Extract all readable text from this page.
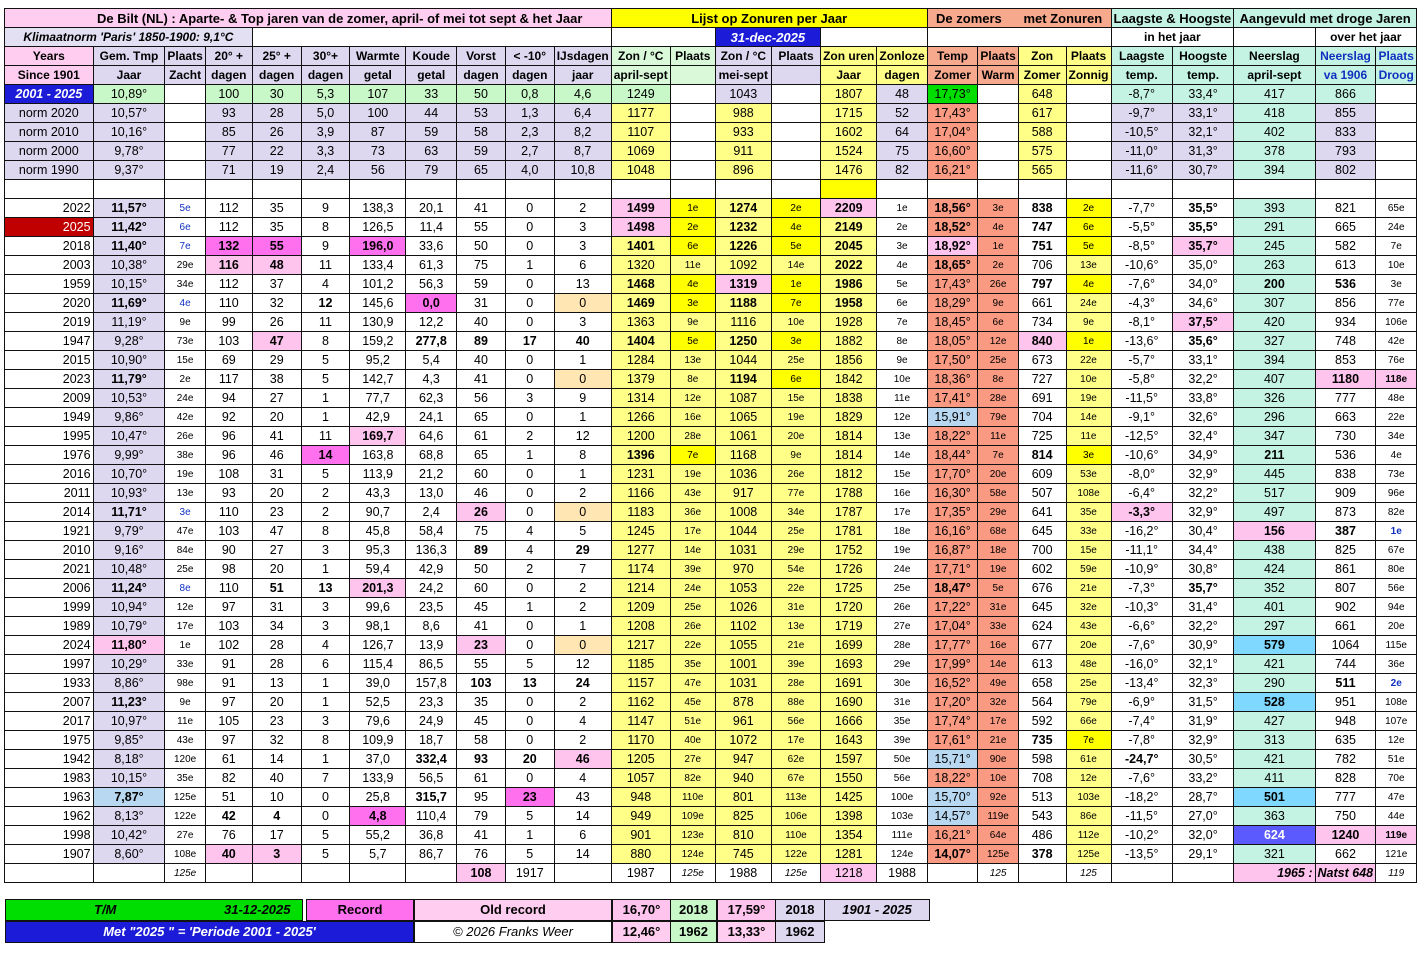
De Bilt (NL) : Aparte- & Top jaren van de zomer, april- of mei tot sept & het Jaar											Lijst op Zonuren per Jaar						De zomers met Zonuren				Laagste & Hoogste		Aangevuld met droge Jaren		
Klimaatnorm 'Paris' 1850-1900: 9,1°C													31-dec-2025								in het jaar			over het jaar	
Years	Gem. Tmp	Plaats	20° +	25° +	30°+	Warmte	Koude	Vorst	< -10°	IJsdagen	Zon / °C	Plaats	Zon / °C	Plaats	Zon uren	Zonloze	Temp	Plaats	Zon	Plaats	Laagste	Hoogste	Neerslag	Neerslag	Plaats
Since 1901	Jaar	Zacht	dagen	dagen	dagen	getal	getal	dagen	dagen	jaar	april-sept		mei-sept		Jaar	dagen	Zomer	Warm	Zomer	Zonnig	temp.	temp.	april-sept	va 1906	Droog
2001 - 2025	10,89°		100	30	5,3	107	33	50	0,8	4,6	1249		1043		1807	48	17,73°		648		-8,7°	33,4°	417	866	
norm 2020	10,57°		93	28	5,0	100	44	53	1,3	6,4	1177		988		1715	52	17,43°		617		-9,7°	33,1°	418	855	
norm 2010	10,16°		85	26	3,9	87	59	58	2,3	8,2	1107		933		1602	64	17,04°		588		-10,5°	32,1°	402	833	
norm 2000	9,78°		77	22	3,3	73	63	59	2,7	8,7	1069		911		1524	75	16,60°		575		-11,0°	31,3°	378	793	
norm 1990	9,37°		71	19	2,4	56	79	65	4,0	10,8	1048		896		1476	82	16,21°		565		-11,6°	30,7°	394	802	

2022	11,57°	5e	112	35	9	138,3	20,1	41	0	2	1499	1e	1274	2e	2209	1e	18,56°	3e	838	2e	-7,7°	35,5°	393	821	65e
2025	11,42°	6e	112	35	8	126,5	11,4	55	0	3	1498	2e	1232	4e	2149	2e	18,52°	4e	747	6e	-5,5°	35,5°	291	665	24e
2018	11,40°	7e	132	55	9	196,0	33,6	50	0	3	1401	6e	1226	5e	2045	3e	18,92°	1e	751	5e	-8,5°	35,7°	245	582	7e
2003	10,38°	29e	116	48	11	133,4	61,3	75	1	6	1320	11e	1092	14e	2022	4e	18,65°	2e	706	13e	-10,6°	35,0°	263	613	10e
1959	10,15°	34e	112	37	4	101,2	56,3	59	0	13	1468	4e	1319	1e	1986	5e	17,43°	26e	797	4e	-7,6°	34,0°	200	536	3e
2020	11,69°	4e	110	32	12	145,6	0,0	31	0	0	1469	3e	1188	7e	1958	6e	18,29°	9e	661	24e	-4,3°	34,6°	307	856	77e
2019	11,19°	9e	99	26	11	130,9	12,2	40	0	3	1363	9e	1116	10e	1928	7e	18,45°	6e	734	9e	-8,1°	37,5°	420	934	106e
1947	9,28°	73e	103	47	8	159,2	277,8	89	17	40	1404	5e	1250	3e	1882	8e	18,05°	12e	840	1e	-13,6°	35,6°	327	748	42e
2015	10,90°	15e	69	29	5	95,2	5,4	40	0	1	1284	13e	1044	25e	1856	9e	17,50°	25e	673	22e	-5,7°	33,1°	394	853	76e
2023	11,79°	2e	117	38	5	142,7	4,3	41	0	0	1379	8e	1194	6e	1842	10e	18,36°	8e	727	10e	-5,8°	32,2°	407	1180	118e
2009	10,53°	24e	94	27	1	77,7	62,3	56	3	9	1314	12e	1087	15e	1838	11e	17,41°	28e	691	19e	-11,5°	33,8°	326	777	48e
1949	9,86°	42e	92	20	1	42,9	24,1	65	0	1	1266	16e	1065	19e	1829	12e	15,91°	79e	704	14e	-9,1°	32,6°	296	663	22e
1995	10,47°	26e	96	41	11	169,7	64,6	61	2	12	1200	28e	1061	20e	1814	13e	18,22°	11e	725	11e	-12,5°	32,4°	347	730	34e
1976	9,99°	38e	96	46	14	163,8	68,8	65	1	8	1396	7e	1168	9e	1814	14e	18,44°	7e	814	3e	-10,6°	34,9°	211	536	4e
2016	10,70°	19e	108	31	5	113,9	21,2	60	0	1	1231	19e	1036	26e	1812	15e	17,70°	20e	609	53e	-8,0°	32,9°	445	838	73e
2011	10,93°	13e	93	20	2	43,3	13,0	46	0	2	1166	43e	917	77e	1788	16e	16,30°	58e	507	108e	-6,4°	32,2°	517	909	96e
2014	11,71°	3e	110	23	2	90,7	2,4	26	0	0	1183	36e	1008	34e	1787	17e	17,35°	29e	641	35e	-3,3°	32,9°	497	873	82e
1921	9,79°	47e	103	47	8	45,8	58,4	75	4	5	1245	17e	1044	25e	1781	18e	16,16°	68e	645	33e	-16,2°	30,4°	156	387	1e
2010	9,16°	84e	90	27	3	95,3	136,3	89	4	29	1277	14e	1031	29e	1752	19e	16,87°	18e	700	15e	-11,1°	34,4°	438	825	67e
2021	10,48°	25e	98	20	1	59,4	42,9	50	2	7	1174	39e	970	54e	1726	24e	17,71°	19e	602	59e	-10,9°	30,8°	424	861	80e
2006	11,24°	8e	110	51	13	201,3	24,2	60	0	2	1214	24e	1053	22e	1725	25e	18,47°	5e	676	21e	-7,3°	35,7°	352	807	56e
1999	10,94°	12e	97	31	3	99,6	23,5	45	1	2	1209	25e	1026	31e	1720	26e	17,22°	31e	645	32e	-10,3°	31,4°	401	902	94e
1989	10,79°	17e	103	34	3	98,1	8,6	41	0	1	1208	26e	1102	13e	1719	27e	17,04°	33e	624	43e	-6,6°	32,2°	297	661	20e
2024	11,80°	1e	102	28	4	126,7	13,9	23	0	0	1217	22e	1055	21e	1699	28e	17,77°	16e	677	20e	-7,6°	30,9°	579	1064	115e
1997	10,29°	33e	91	28	6	115,4	86,5	55	5	12	1185	35e	1001	39e	1693	29e	17,99°	14e	613	48e	-16,0°	32,1°	421	744	36e
1933	8,86°	98e	91	13	1	39,0	157,8	103	13	24	1157	47e	1031	28e	1691	30e	16,52°	49e	658	25e	-13,4°	32,3°	290	511	2e
2007	11,23°	9e	97	20	1	52,5	23,3	35	0	2	1162	45e	878	88e	1690	31e	17,20°	32e	564	79e	-6,9°	31,5°	528	951	108e
2017	10,97°	11e	105	23	3	79,6	24,9	45	0	4	1147	51e	961	56e	1666	35e	17,74°	17e	592	66e	-7,4°	31,9°	427	948	107e
1975	9,85°	43e	97	32	8	109,9	18,7	58	0	2	1170	40e	1072	17e	1643	39e	17,61°	21e	735	7e	-7,8°	32,9°	313	635	12e
1942	8,18°	120e	61	14	1	37,0	332,4	93	20	46	1205	27e	947	62e	1597	50e	15,71°	90e	598	61e	-24,7°	30,5°	421	782	51e
1983	10,15°	35e	82	40	7	133,9	56,5	61	0	4	1057	82e	940	67e	1550	56e	18,22°	10e	708	12e	-7,6°	33,2°	411	828	70e
1963	7,87°	125e	51	10	0	25,8	315,7	95	23	43	948	110e	801	113e	1425	100e	15,70°	92e	513	103e	-18,2°	28,7°	501	777	47e
1962	8,13°	122e	42	4	0	4,8	110,4	79	5	14	949	109e	825	106e	1398	103e	14,57°	119e	543	86e	-11,5°	27,0°	363	750	44e
1998	10,42°	27e	76	17	5	55,2	36,8	41	1	6	901	123e	810	110e	1354	111e	16,21°	64e	486	112e	-10,2°	32,0°	624	1240	119e
1907	8,60°	108e	40	3	5	5,7	86,7	76	5	14	880	124e	745	122e	1281	124e	14,07°	125e	378	125e	-13,5°	29,1°	321	662	121e
		125e						108	1917		1987	125e	1988	125e	1218	1988		125		125			1965 :	Natst 648	119
T/M	31-12-2025	Record	Old record	16,70°	2018	17,59°	2018	1901 - 2025
Met "2025 " = 'Periode 2001 - 2025'	© 2026 Franks Weer	12,46°	1962	13,33°	1962
